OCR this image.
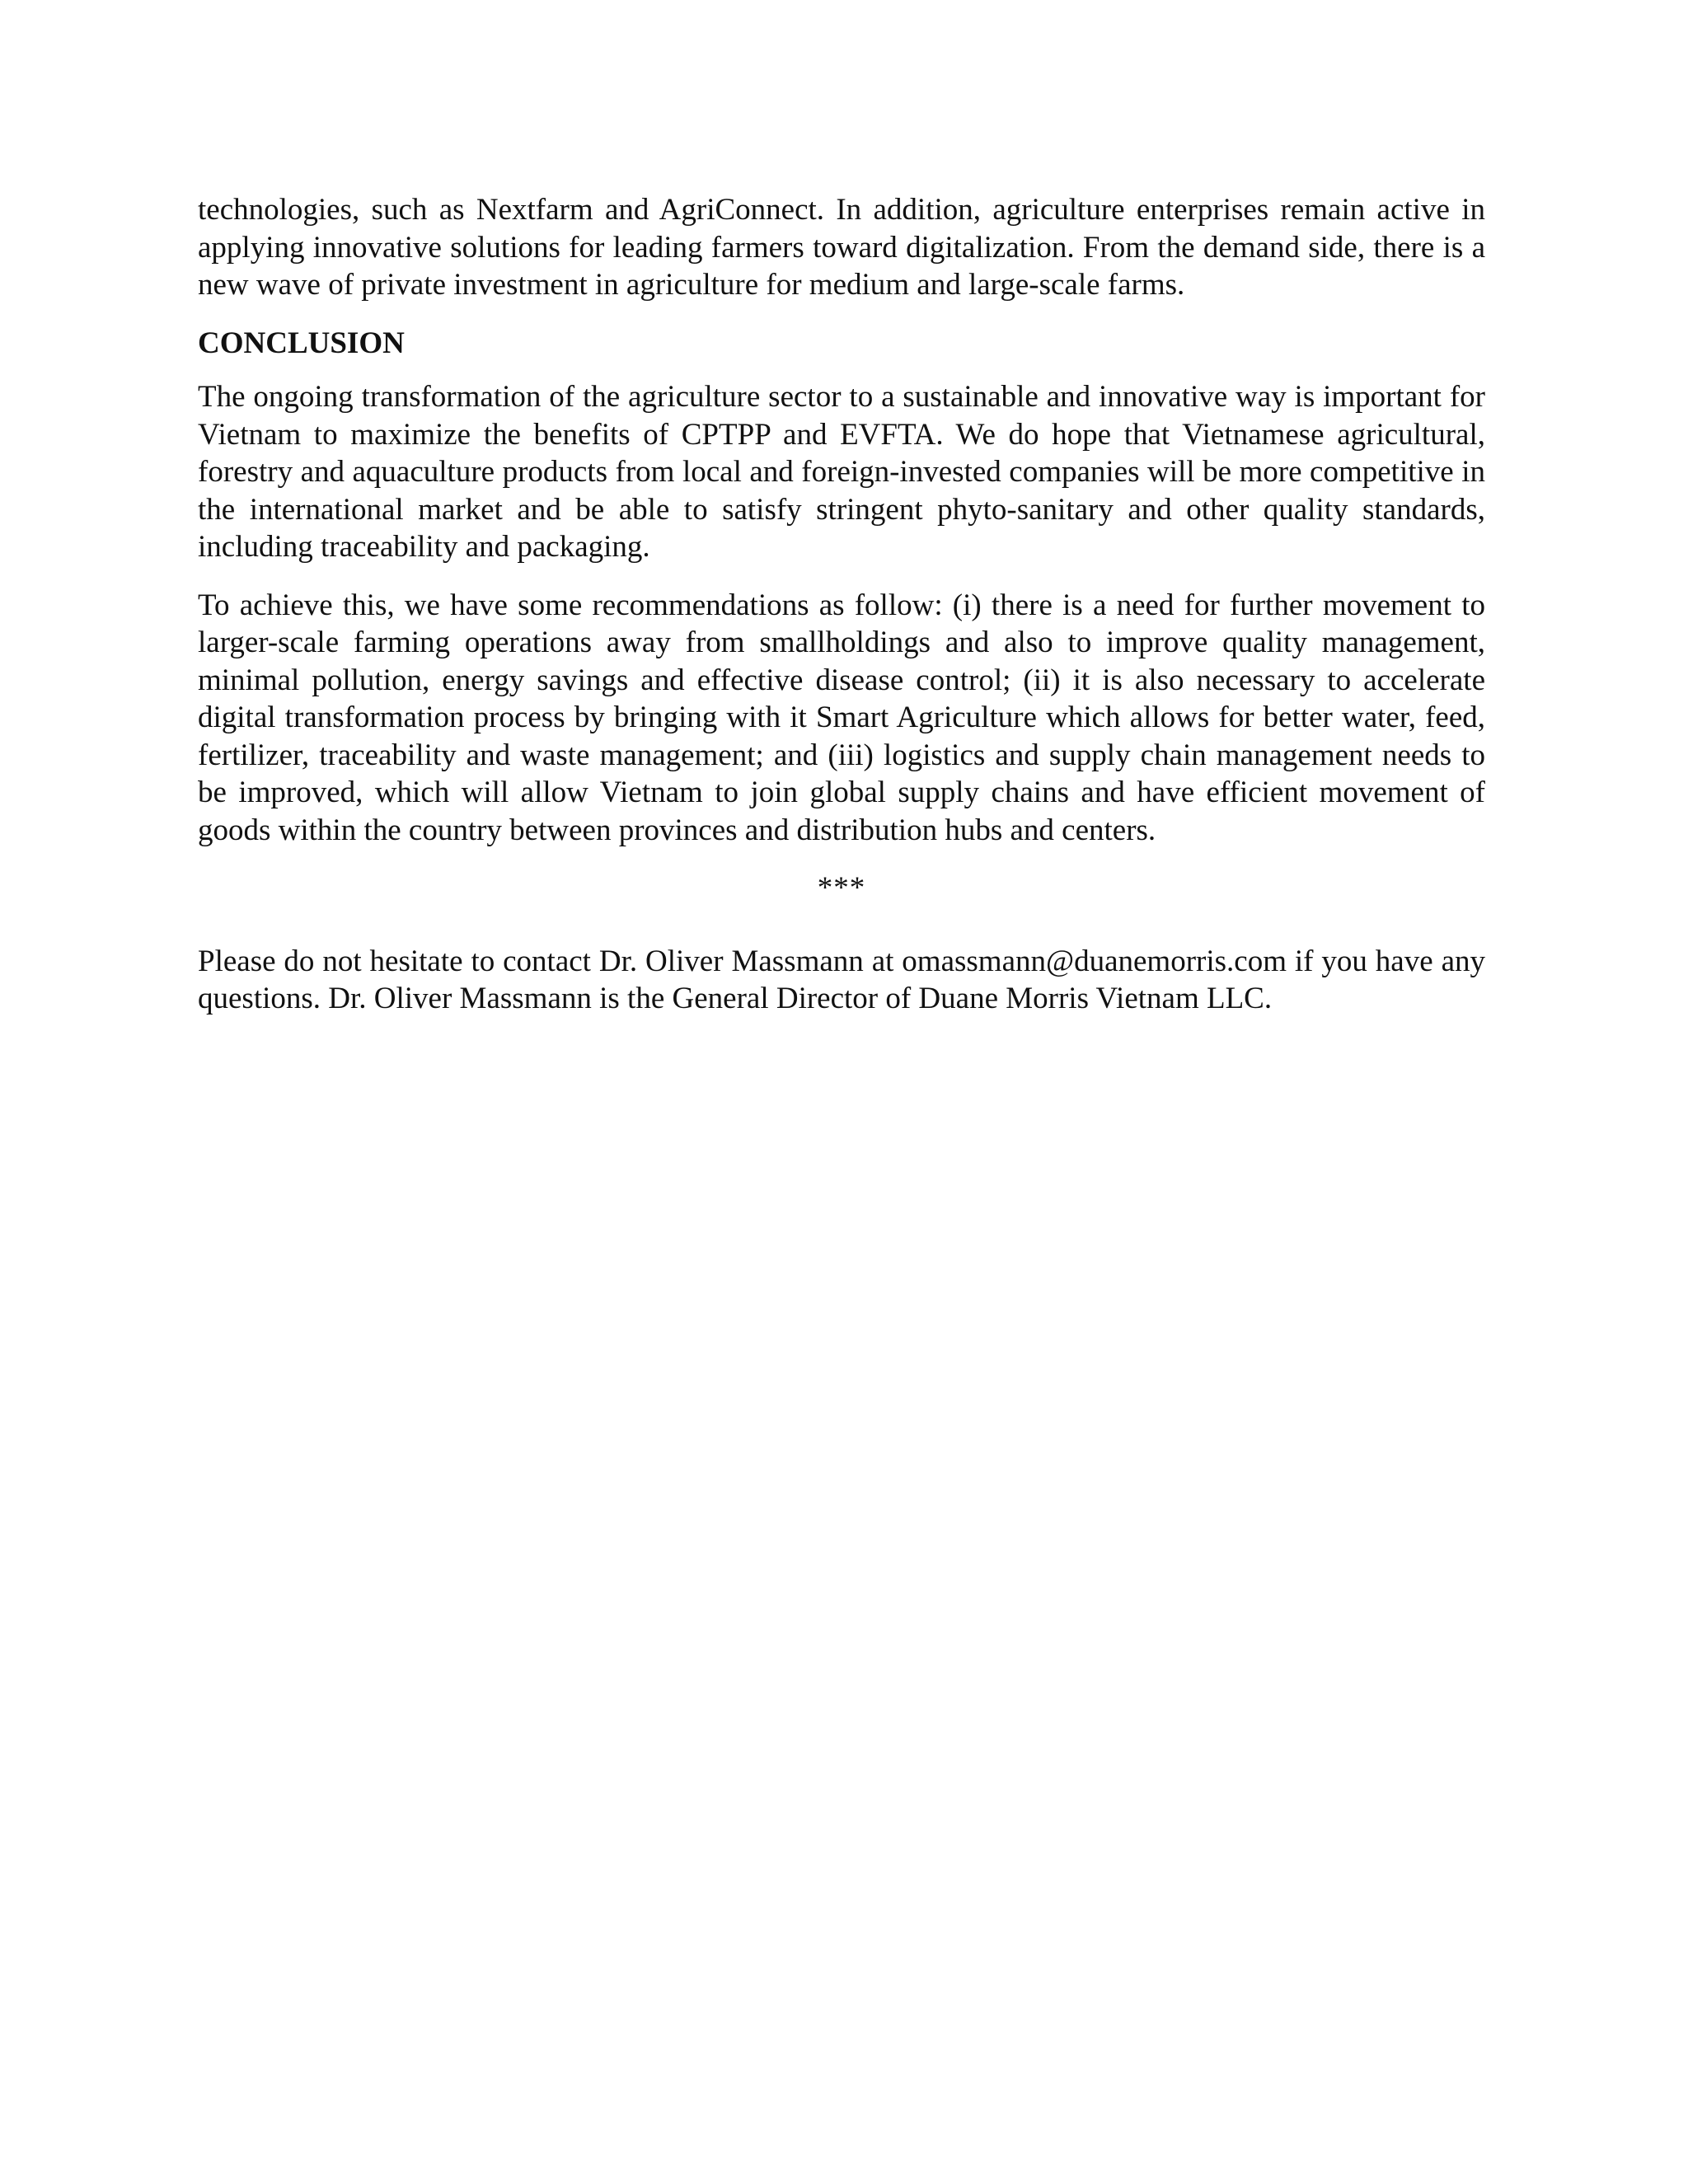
technologies, such as Nextfarm and AgriConnect. In addition, agriculture enterprises remain active in applying innovative solutions for leading farmers toward digitalization. From the demand side, there is a new wave of private investment in agriculture for medium and large-scale farms.

CONCLUSION

The ongoing transformation of the agriculture sector to a sustainable and innovative way is important for Vietnam to maximize the benefits of CPTPP and EVFTA. We do hope that Vietnamese agricultural, forestry and aquaculture products from local and foreign-invested companies will be more competitive in the international market and be able to satisfy stringent phyto-sanitary and other quality standards, including traceability and packaging.

To achieve this, we have some recommendations as follow: (i) there is a need for further movement to larger-scale farming operations away from smallholdings and also to improve quality management, minimal pollution, energy savings and effective disease control; (ii) it is also necessary to accelerate digital transformation process by bringing with it Smart Agriculture which allows for better water, feed, fertilizer, traceability and waste management; and (iii) logistics and supply chain management needs to be improved, which will allow Vietnam to join global supply chains and have efficient movement of goods within the country between provinces and distribution hubs and centers.

***

Please do not hesitate to contact Dr. Oliver Massmann at omassmann@duanemorris.com if you have any questions. Dr. Oliver Massmann is the General Director of Duane Morris Vietnam LLC.
